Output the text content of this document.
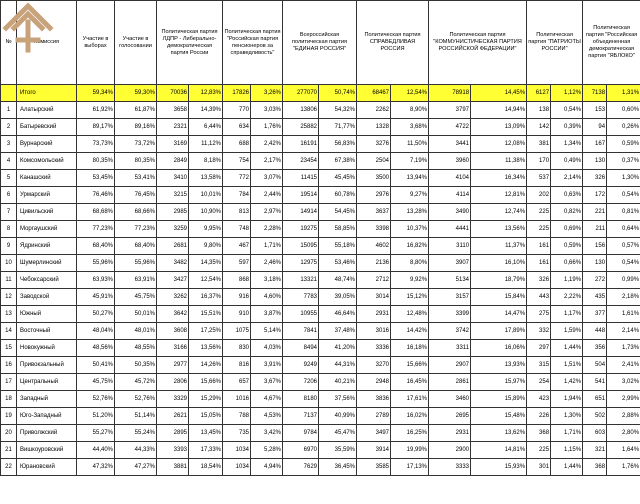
№	Комиссия	Участие в выборах	Участие в голосовании	Политическая партия ЛДПР - Либерально-демократическая партия России		Политическая партия "Российская партия пенсионеров за справедливость"		Всероссийская политическая партия "ЕДИНАЯ РОССИЯ"		Политическая партия СПРАВЕДЛИВАЯ РОССИЯ		Политическая партия "КОММУНИСТИЧЕСКАЯ ПАРТИЯ РОССИЙСКОЙ ФЕДЕРАЦИИ"		Политическая партия "ПАТРИОТЫ РОССИИ"		Политическая партия "Российская объединенная демократическая партия "ЯБЛОКО"	
	Итого	59,34%	59,30%	70036	12,83%	17826	3,26%	277070	50,74%	68467	12,54%	78918	14,45%	6127	1,12%	7138	1,31%
1	Алатырский	61,92%	61,87%	3658	14,39%	770	3,03%	13806	54,32%	2262	8,90%	3797	14,94%	138	0,54%	153	0,60%
2	Батыревский	89,17%	89,16%	2321	6,44%	634	1,76%	25882	71,77%	1328	3,68%	4722	13,09%	142	0,39%	94	0,26%
3	Вурнарский	73,73%	73,72%	3169	11,12%	688	2,42%	16191	56,83%	3276	11,50%	3441	12,08%	381	1,34%	167	0,59%
4	Комсомольский	80,35%	80,35%	2849	8,18%	754	2,17%	23454	67,38%	2504	7,19%	3960	11,38%	170	0,49%	130	0,37%
5	Канашский	53,45%	53,41%	3410	13,58%	772	3,07%	11415	45,45%	3500	13,94%	4104	16,34%	537	2,14%	326	1,30%
6	Урмарский	76,46%	76,45%	3215	10,01%	784	2,44%	19514	60,78%	2976	9,27%	4114	12,81%	202	0,63%	172	0,54%
7	Цивильский	68,68%	68,66%	2985	10,90%	813	2,97%	14914	54,45%	3637	13,28%	3490	12,74%	225	0,82%	221	0,81%
8	Моргаушский	77,23%	77,23%	3259	9,95%	748	2,28%	19275	58,85%	3398	10,37%	4441	13,56%	225	0,69%	211	0,64%
9	Ядринский	68,40%	68,40%	2681	9,80%	467	1,71%	15095	55,18%	4602	16,82%	3110	11,37%	161	0,59%	156	0,57%
10	Шумерлинский	55,96%	55,96%	3482	14,35%	597	2,46%	12975	53,46%	2136	8,80%	3907	16,10%	161	0,66%	130	0,54%
11	Чебоксарский	63,93%	63,91%	3427	12,54%	868	3,18%	13321	48,74%	2712	9,92%	5134	18,79%	326	1,19%	272	0,99%
12	Заводской	45,91%	45,75%	3262	16,37%	916	4,60%	7783	39,05%	3014	15,12%	3157	15,84%	443	2,22%	435	2,18%
13	Южный	50,27%	50,01%	3642	15,51%	910	3,87%	10955	46,64%	2931	12,48%	3399	14,47%	275	1,17%	377	1,61%
14	Восточный	48,04%	48,01%	3608	17,25%	1075	5,14%	7841	37,48%	3016	14,42%	3742	17,89%	332	1,59%	448	2,14%
15	Новокужный	48,56%	48,55%	3166	13,56%	830	4,03%	8494	41,20%	3336	16,18%	3311	16,06%	297	1,44%	356	1,73%
16	Привокзальный	50,41%	50,35%	2977	14,26%	816	3,91%	9249	44,31%	3270	15,66%	2907	13,93%	315	1,51%	504	2,41%
17	Центральный	45,75%	45,72%	2806	15,66%	657	3,67%	7206	40,21%	2948	16,45%	2861	15,97%	254	1,42%	541	3,02%
18	Западный	52,76%	52,76%	3329	15,29%	1016	4,67%	8180	37,56%	3836	17,61%	3460	15,89%	423	1,94%	651	2,99%
19	Юго-Западный	51,20%	51,14%	2621	15,05%	788	4,53%	7137	40,99%	2789	16,02%	2695	15,48%	226	1,30%	502	2,88%
20	Приволжский	55,27%	55,24%	2895	13,45%	735	3,42%	9784	45,47%	3497	16,25%	2931	13,62%	368	1,71%	603	2,80%
21	Вишкоуровский	44,40%	44,33%	3393	17,33%	1034	5,28%	6970	35,59%	3914	19,99%	2900	14,81%	225	1,15%	321	1,64%
22	Юрановский	47,32%	47,27%	3881	18,54%	1034	4,94%	7629	36,45%	3585	17,13%	3333	15,93%	301	1,44%	368	1,76%
